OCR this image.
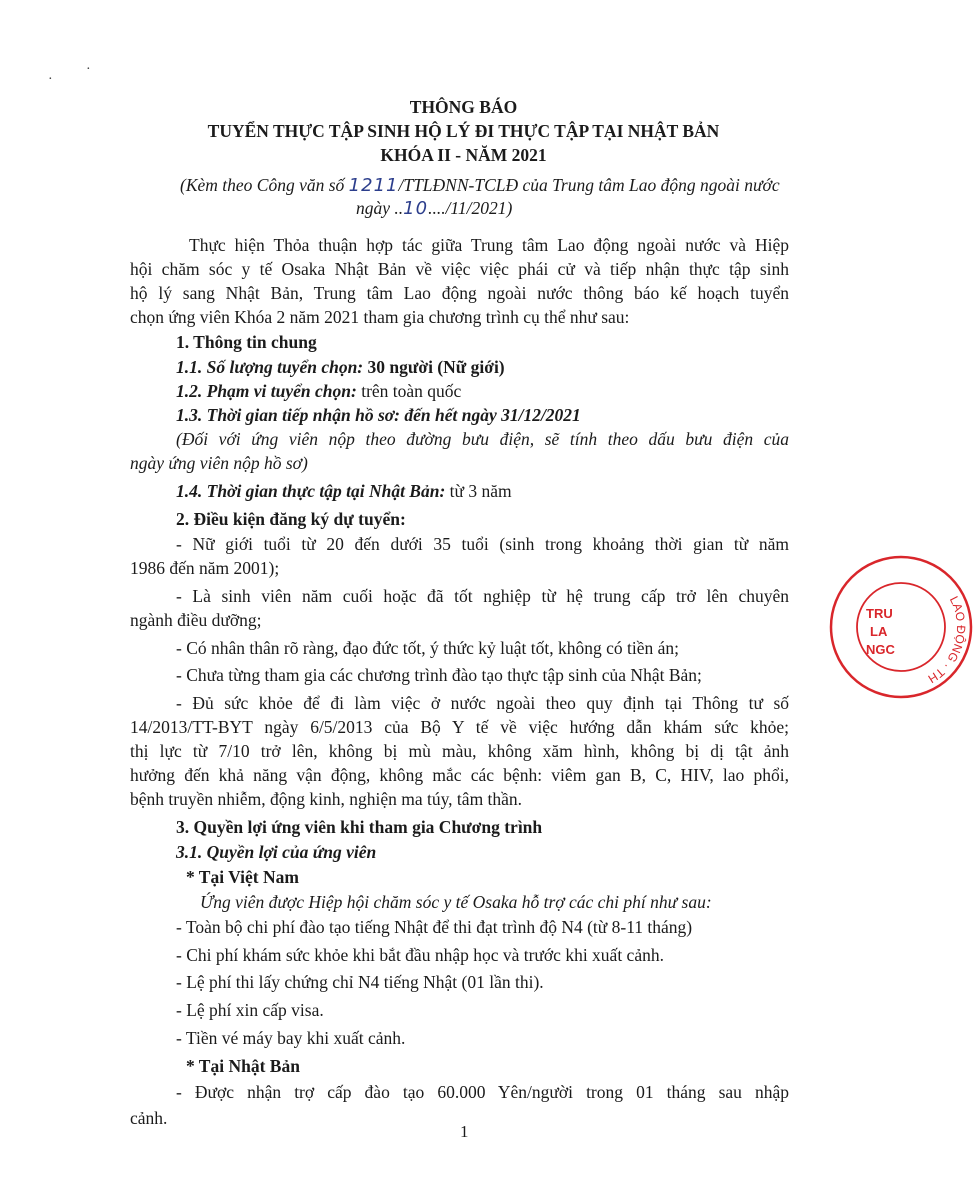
·
·
THÔNG BÁO
TUYỂN THỰC TẬP SINH HỘ LÝ ĐI THỰC TẬP TẠI NHẬT BẢN
KHÓA II - NĂM 2021
(Kèm theo Công văn số 1211/TTLĐNN-TCLĐ của Trung tâm Lao động ngoài nước
ngày ..10..../11/2021)
Thực hiện Thỏa thuận hợp tác giữa Trung tâm Lao động ngoài nước và Hiệp
hội chăm sóc y tế Osaka Nhật Bản về việc việc phái cử và tiếp nhận thực tập sinh
hộ lý sang Nhật Bản, Trung tâm Lao động ngoài nước thông báo kế hoạch tuyển
chọn ứng viên Khóa 2 năm 2021 tham gia chương trình cụ thể như sau:
1. Thông tin chung
1.1. Số lượng tuyển chọn: 30 người (Nữ giới)
1.2. Phạm vi tuyển chọn: trên toàn quốc
1.3. Thời gian tiếp nhận hồ sơ: đến hết ngày 31/12/2021
(Đối với ứng viên nộp theo đường bưu điện, sẽ tính theo dấu bưu điện của
ngày ứng viên nộp hồ sơ)
1.4. Thời gian thực tập tại Nhật Bản: từ 3 năm
2. Điều kiện đăng ký dự tuyển:
- Nữ giới tuổi từ 20 đến dưới 35 tuổi (sinh trong khoảng thời gian từ năm
1986 đến năm 2001);
- Là sinh viên năm cuối hoặc đã tốt nghiệp từ hệ trung cấp trở lên chuyên
ngành điều dưỡng;
- Có nhân thân rõ ràng, đạo đức tốt, ý thức kỷ luật tốt, không có tiền án;
- Chưa từng tham gia các chương trình đào tạo thực tập sinh của Nhật Bản;
- Đủ sức khỏe để đi làm việc ở nước ngoài theo quy định tại Thông tư số
14/2013/TT-BYT ngày 6/5/2013 của Bộ Y tế về việc hướng dẫn khám sức khỏe;
thị lực từ 7/10 trở lên, không bị mù màu, không xăm hình, không bị dị tật ảnh
hưởng đến khả năng vận động, không mắc các bệnh: viêm gan B, C, HIV, lao phổi,
bệnh truyền nhiễm, động kinh, nghiện ma túy, tâm thần.
3. Quyền lợi ứng viên khi tham gia Chương trình
3.1. Quyền lợi của ứng viên
* Tại Việt Nam
Ứng viên được Hiệp hội chăm sóc y tế Osaka hỗ trợ các chi phí như sau:
- Toàn bộ chi phí đào tạo tiếng Nhật để thi đạt trình độ N4 (từ 8-11 tháng)
- Chi phí khám sức khỏe khi bắt đầu nhập học và trước khi xuất cảnh.
- Lệ phí thi lấy chứng chỉ N4 tiếng Nhật (01 lần thi).
- Lệ phí xin cấp visa.
- Tiền vé máy bay khi xuất cảnh.
* Tại Nhật Bản
- Được nhận trợ cấp đào tạo 60.000 Yên/người trong 01 tháng sau nhập
cảnh.
1
LAO ĐỘNG · TH
TRU
LA
NGC
